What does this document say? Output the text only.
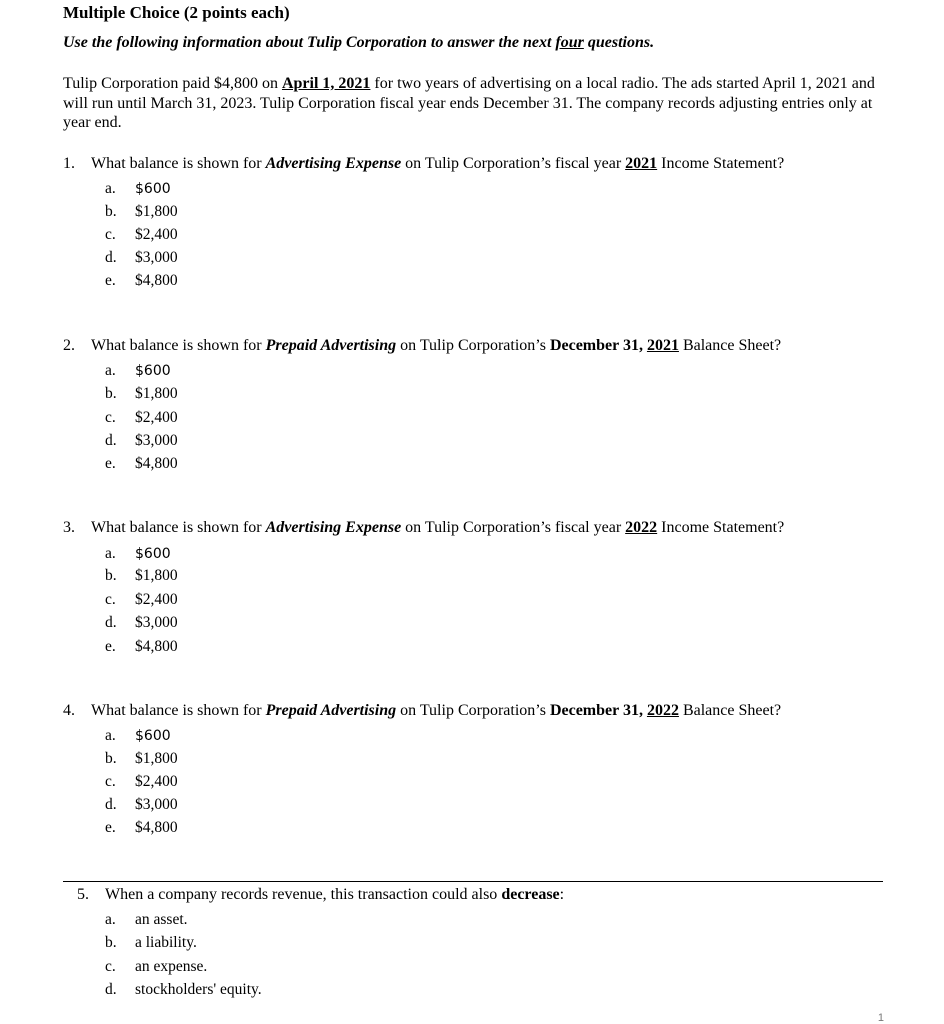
Multiple Choice (2 points each)
Use the following information about Tulip Corporation to answer the next four questions.
Tulip Corporation paid $4,800 on April 1, 2021 for two years of advertising on a local radio. The ads started April 1, 2021 and will run until March 31, 2023. Tulip Corporation fiscal year ends December 31. The company records adjusting entries only at year end.
1. What balance is shown for Advertising Expense on Tulip Corporation’s fiscal year 2021 Income Statement?
a. $600
b. $1,800
c. $2,400
d. $3,000
e. $4,800
2. What balance is shown for Prepaid Advertising on Tulip Corporation’s December 31, 2021 Balance Sheet?
a. $600
b. $1,800
c. $2,400
d. $3,000
e. $4,800
3. What balance is shown for Advertising Expense on Tulip Corporation’s fiscal year 2022 Income Statement?
a. $600
b. $1,800
c. $2,400
d. $3,000
e. $4,800
4. What balance is shown for Prepaid Advertising on Tulip Corporation’s December 31, 2022 Balance Sheet?
a. $600
b. $1,800
c. $2,400
d. $3,000
e. $4,800
5. When a company records revenue, this transaction could also decrease:
a. an asset.
b. a liability.
c. an expense.
d. stockholders' equity.
1
